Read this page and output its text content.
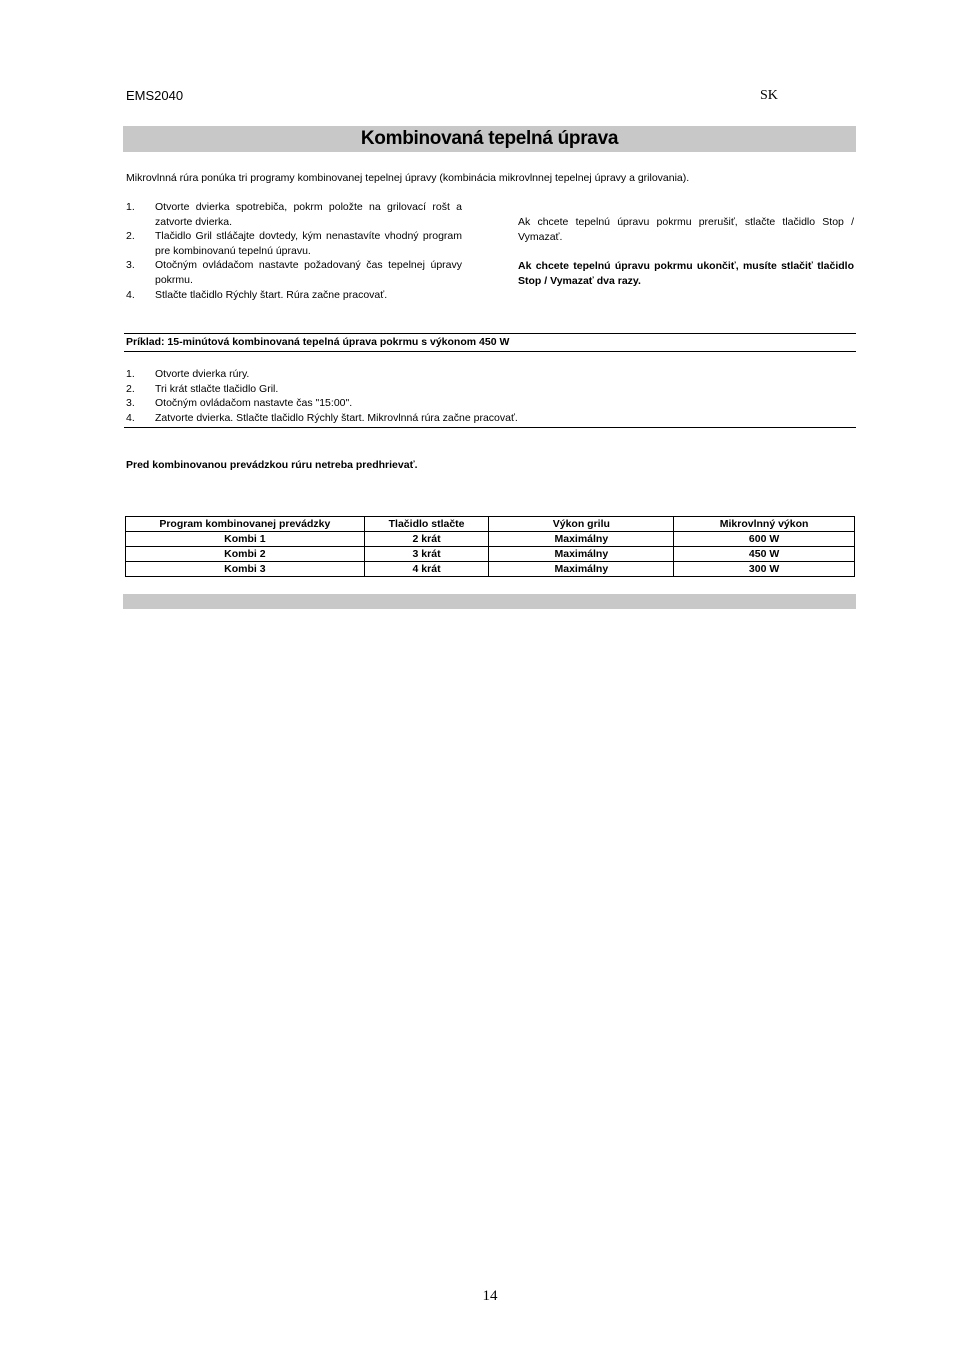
EMS2040	SK
Kombinovaná tepelná úprava
Mikrovlnná rúra ponúka tri programy kombinovanej tepelnej úpravy (kombinácia mikrovlnnej tepelnej úpravy a grilovania).
1.	Otvorte dvierka spotrebiča, pokrm položte na grilovací rošt a zatvorte dvierka.
2.	Tlačidlo Gril stláčajte dovtedy, kým nenastavíte vhodný program pre kombinovanú tepelnú úpravu.
3.	Otočným ovládačom nastavte požadovaný čas tepelnej úpravy pokrmu.
4.	Stlačte tlačidlo Rýchly štart. Rúra začne pracovať.
Ak chcete tepelnú úpravu pokrmu prerušiť, stlačte tlačidlo Stop / Vymazať.
Ak chcete tepelnú úpravu pokrmu ukončiť, musíte stlačiť tlačidlo Stop / Vymazať dva razy.
Príklad: 15-minútová kombinovaná tepelná úprava pokrmu s výkonom 450 W
1.	Otvorte dvierka rúry.
2.	Tri krát stlačte tlačidlo Gril.
3.	Otočným ovládačom nastavte čas "15:00".
4.	Zatvorte dvierka. Stlačte tlačidlo Rýchly štart. Mikrovlnná rúra začne pracovať.
Pred kombinovanou prevádzkou rúru netreba predhrievať.
Program kombinovanej prevádzky	Tlačidlo stlačte	Výkon grilu	Mikrovlnný výkon
Kombi 1	2 krát	Maximálny	600 W
Kombi 2	3 krát	Maximálny	450 W
Kombi 3	4 krát	Maximálny	300 W
14
